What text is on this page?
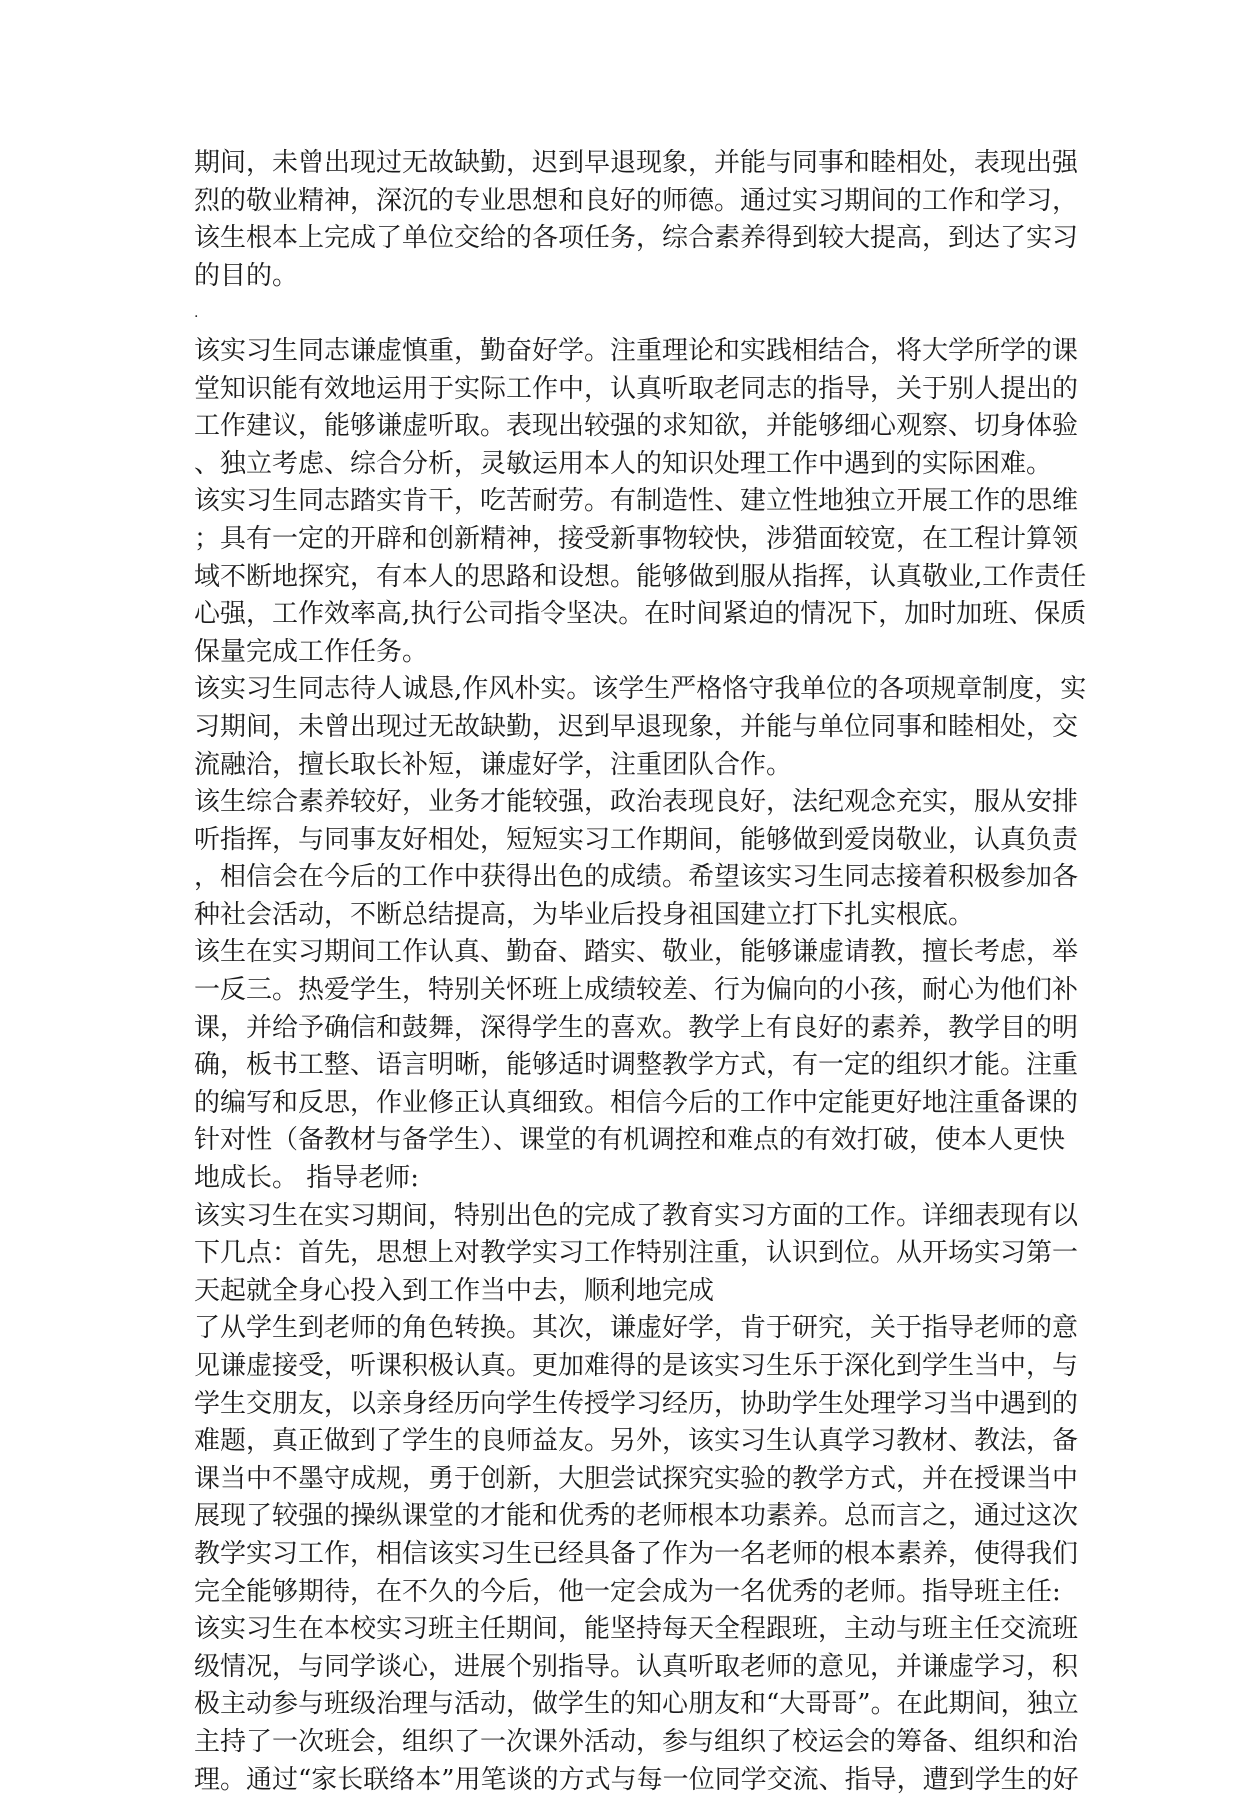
期间，未曾出现过无故缺勤，迟到早退现象，并能与同事和睦相处，表现出强
烈的敬业精神，深沉的专业思想和良好的师德。通过实习期间的工作和学习，
该生根本上完成了单位交给的各项任务，综合素养得到较大提高，到达了实习
的目的。
.
该实习生同志谦虚慎重，勤奋好学。注重理论和实践相结合，将大学所学的课
堂知识能有效地运用于实际工作中，认真听取老同志的指导，关于别人提出的
工作建议，能够谦虚听取。表现出较强的求知欲，并能够细心观察、切身体验
、独立考虑、综合分析，灵敏运用本人的知识处理工作中遇到的实际困难。
该实习生同志踏实肯干，吃苦耐劳。有制造性、建立性地独立开展工作的思维
；具有一定的开辟和创新精神，接受新事物较快，涉猎面较宽，在工程计算领
域不断地探究，有本人的思路和设想。能够做到服从指挥，认真敬业,工作责任
心强，工作效率高,执行公司指令坚决。在时间紧迫的情况下，加时加班、保质
保量完成工作任务。
该实习生同志待人诚恳,作风朴实。该学生严格恪守我单位的各项规章制度，实
习期间，未曾出现过无故缺勤，迟到早退现象，并能与单位同事和睦相处，交
流融洽，擅长取长补短，谦虚好学，注重团队合作。
该生综合素养较好，业务才能较强，政治表现良好，法纪观念充实，服从安排
听指挥，与同事友好相处，短短实习工作期间，能够做到爱岗敬业，认真负责
，相信会在今后的工作中获得出色的成绩。希望该实习生同志接着积极参加各
种社会活动，不断总结提高，为毕业后投身祖国建立打下扎实根底。
该生在实习期间工作认真、勤奋、踏实、敬业，能够谦虚请教，擅长考虑，举
一反三。热爱学生，特别关怀班上成绩较差、行为偏向的小孩，耐心为他们补
课，并给予确信和鼓舞，深得学生的喜欢。教学上有良好的素养，教学目的明
确，板书工整、语言明晰，能够适时调整教学方式，有一定的组织才能。注重
的编写和反思，作业修正认真细致。相信今后的工作中定能更好地注重备课的
针对性（备教材与备学生）、课堂的有机调控和难点的有效打破，使本人更快
地成长。 指导老师:
该实习生在实习期间，特别出色的完成了教育实习方面的工作。详细表现有以
下几点：首先，思想上对教学实习工作特别注重，认识到位。从开场实习第一
天起就全身心投入到工作当中去，顺利地完成
了从学生到老师的角色转换。其次，谦虚好学，肯于研究，关于指导老师的意
见谦虚接受，听课积极认真。更加难得的是该实习生乐于深化到学生当中，与
学生交朋友，以亲身经历向学生传授学习经历，协助学生处理学习当中遇到的
难题，真正做到了学生的良师益友。另外，该实习生认真学习教材、教法，备
课当中不墨守成规，勇于创新，大胆尝试探究实验的教学方式，并在授课当中
展现了较强的操纵课堂的才能和优秀的老师根本功素养。总而言之，通过这次
教学实习工作，相信该实习生已经具备了作为一名老师的根本素养，使得我们
完全能够期待，在不久的今后，他一定会成为一名优秀的老师。指导班主任:
该实习生在本校实习班主任期间，能坚持每天全程跟班，主动与班主任交流班
级情况，与同学谈心，进展个别指导。认真听取老师的意见，并谦虚学习，积
极主动参与班级治理与活动，做学生的知心朋友和“大哥哥”。在此期间，独立
主持了一次班会，组织了一次课外活动，参与组织了校运会的筹备、组织和治
理。通过“家长联络本”用笔谈的方式与每一位同学交流、指导，遭到学生的好
